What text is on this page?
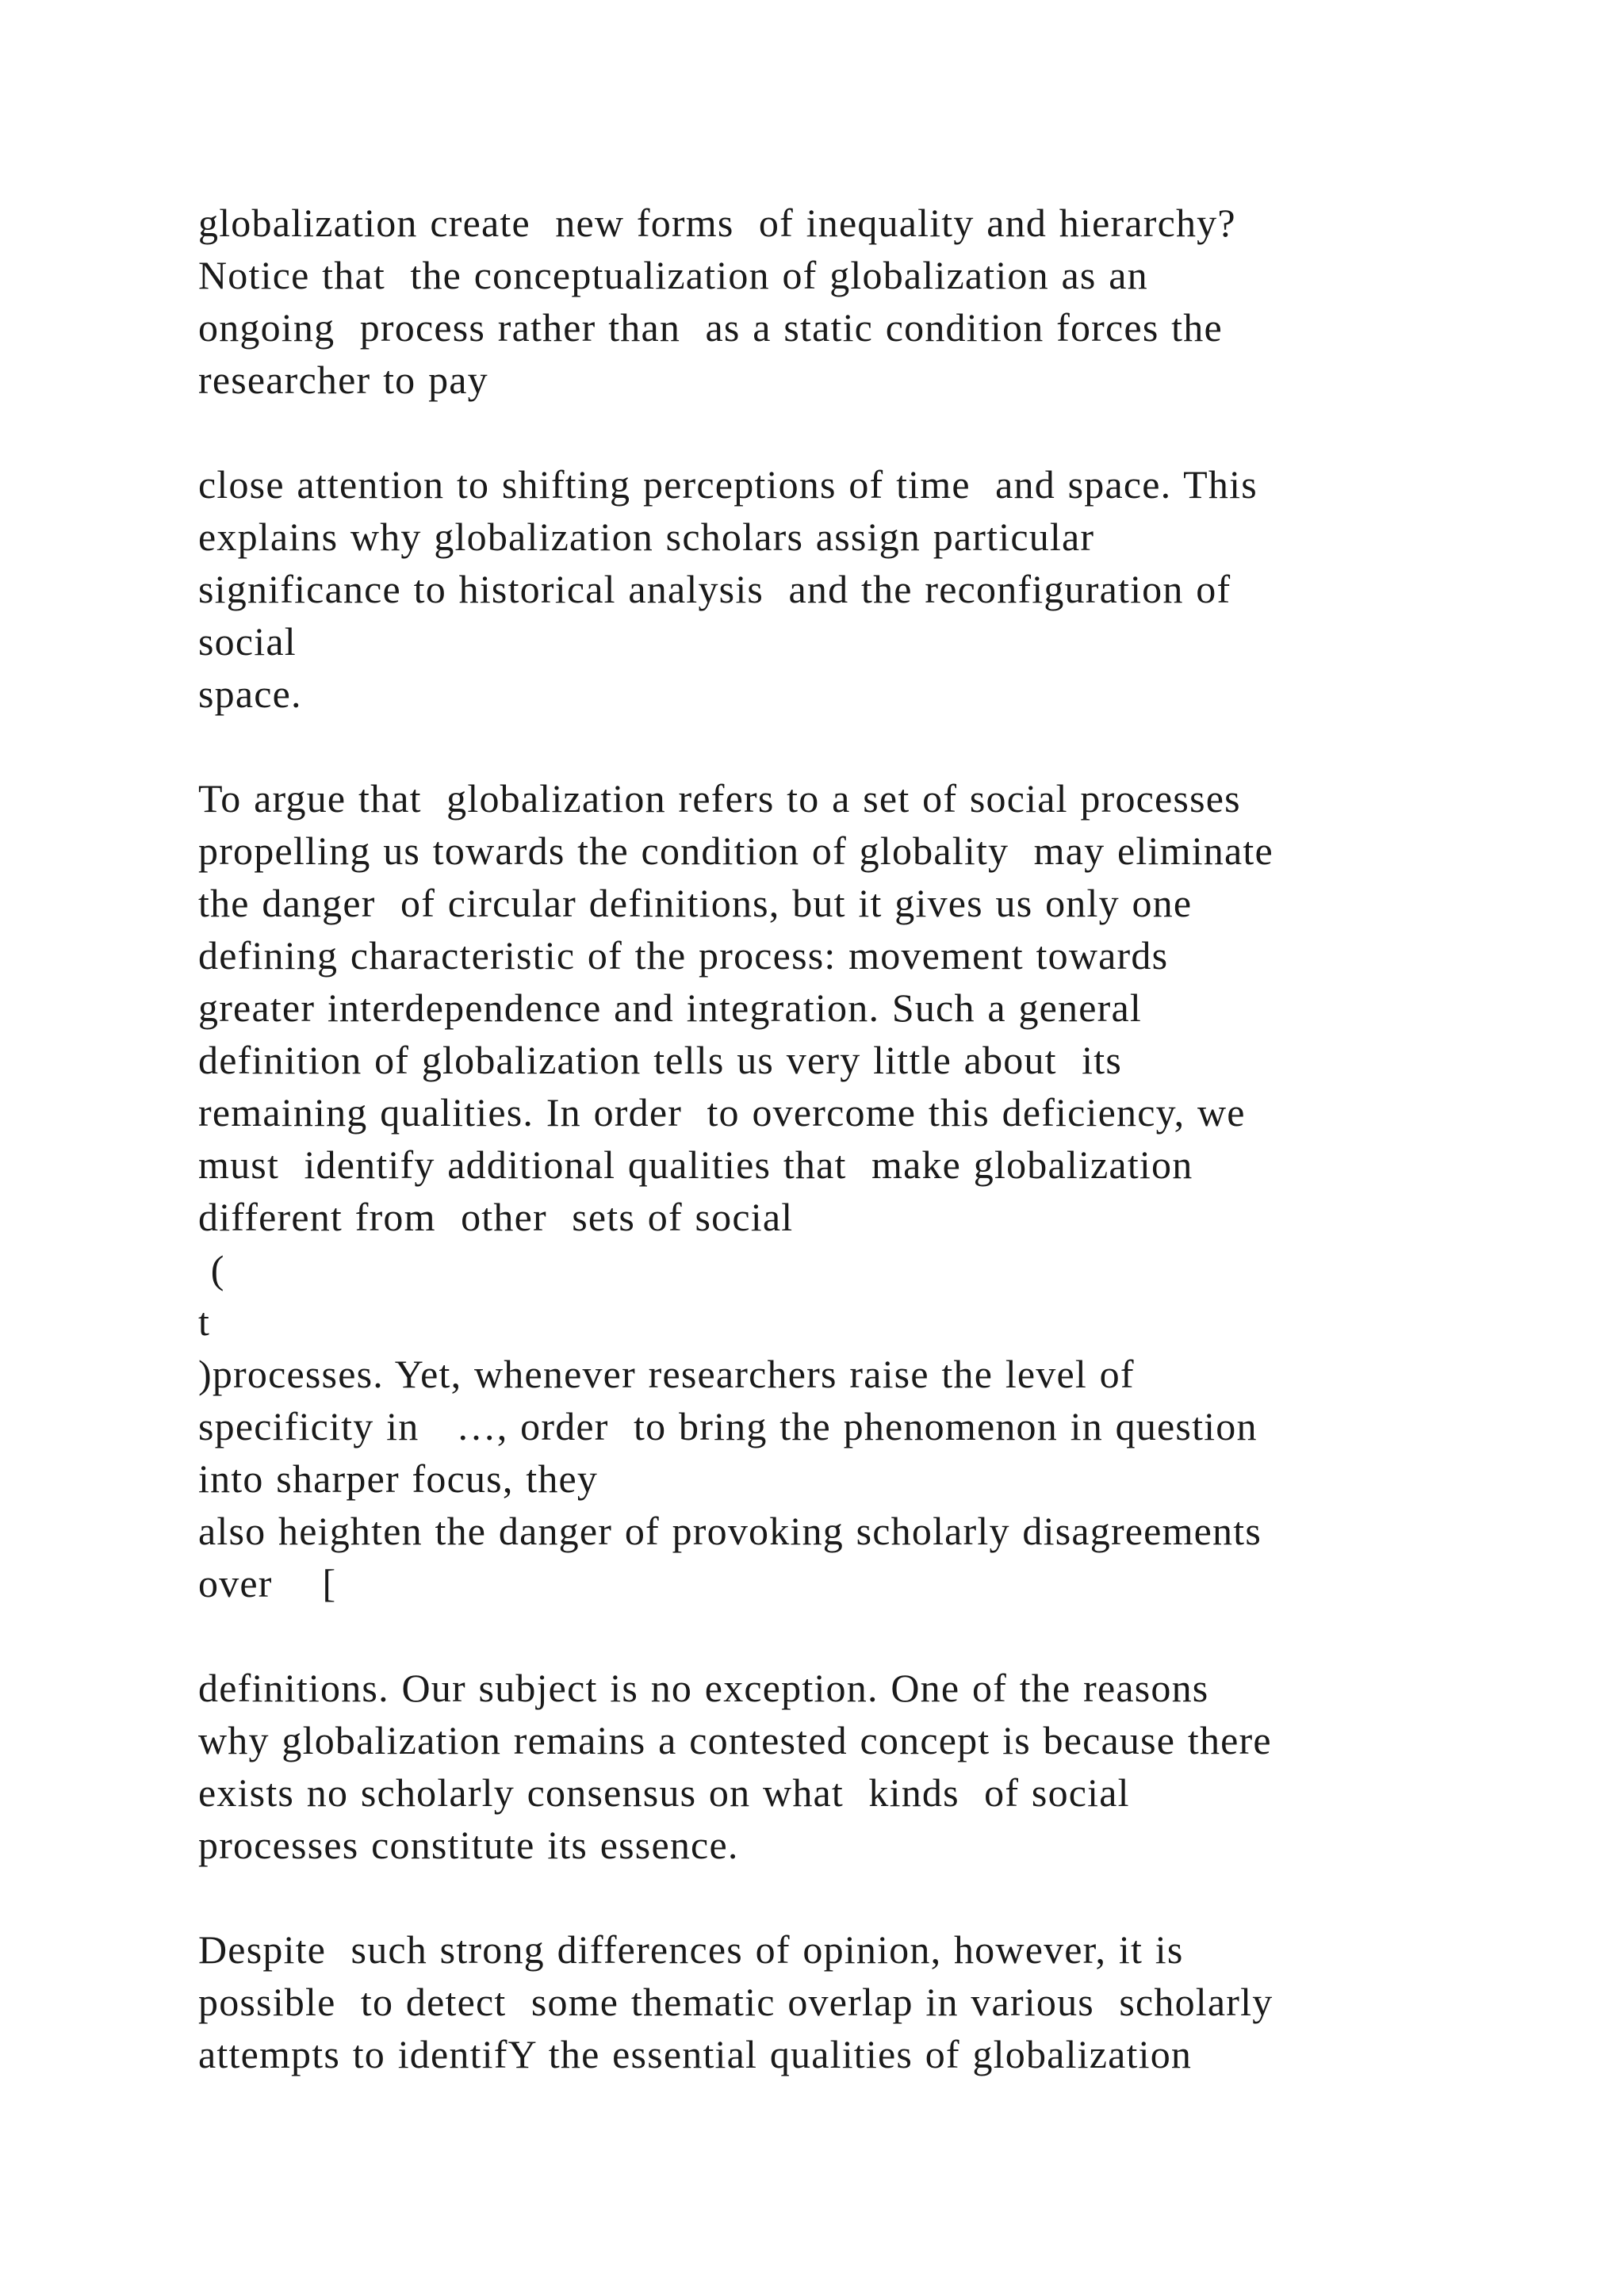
globalization create  new forms  of inequality and hierarchy?
Notice that  the conceptualization of globalization as an
ongoing  process rather than  as a static condition forces the
researcher to pay
close attention to shifting perceptions of time  and space. This
explains why globalization scholars assign particular
significance to historical analysis  and the reconfiguration of
social
space.
To argue that  globalization refers to a set of social processes
propelling us towards the condition of globality  may eliminate
the danger  of circular definitions, but it gives us only one
defining characteristic of the process: movement towards
greater interdependence and integration. Such a general
definition of globalization tells us very little about  its
remaining qualities. In order  to overcome this deficiency, we
must  identify additional qualities that  make globalization
different from  other  sets of social
(
t
)processes. Yet, whenever researchers raise the level of
specificity in   …, order  to bring the phenomenon in question
into sharper focus, they
also heighten the danger of provoking scholarly disagreements
over    [
definitions. Our subject is no exception. One of the reasons
why globalization remains a contested concept is because there
exists no scholarly consensus on what  kinds  of social
processes constitute its essence.
Despite  such strong differences of opinion, however, it is
possible  to detect  some thematic overlap in various  scholarly
attempts to identifY the essential qualities of globalization
